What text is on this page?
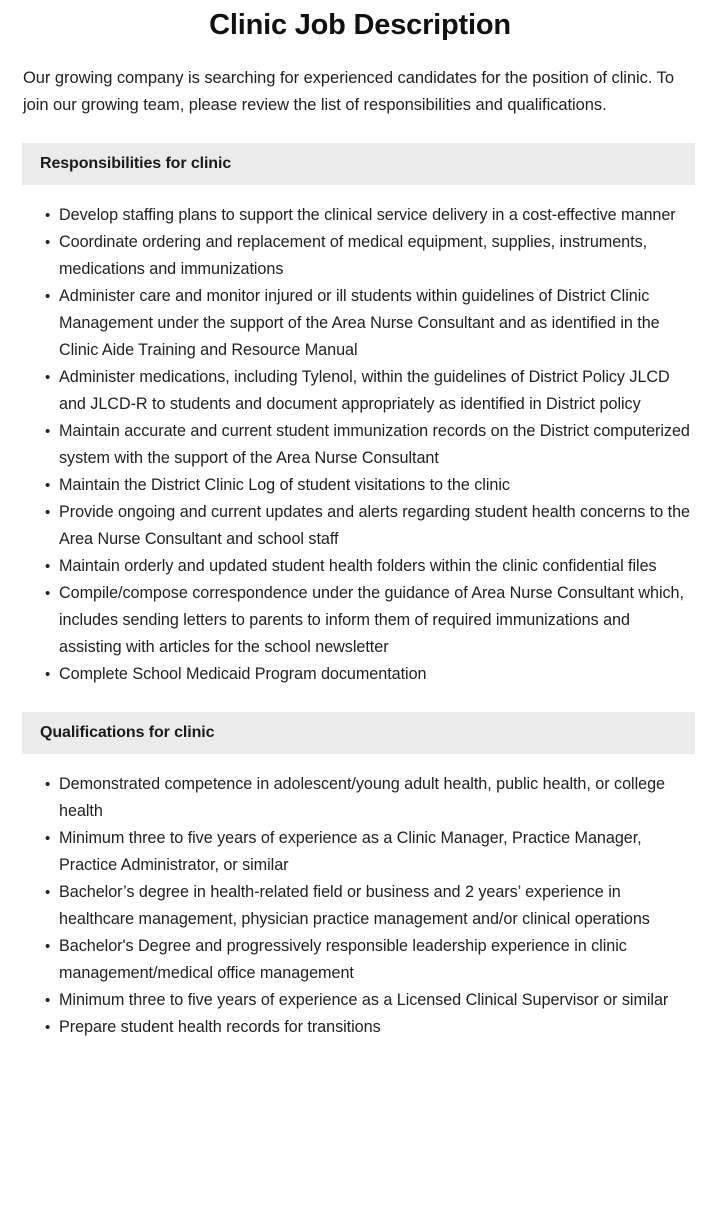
Clinic Job Description

Our growing company is searching for experienced candidates for the position of clinic. To join our growing team, please review the list of responsibilities and qualifications.

Responsibilities for clinic
• Develop staffing plans to support the clinical service delivery in a cost-effective manner
• Coordinate ordering and replacement of medical equipment, supplies, instruments, medications and immunizations
• Administer care and monitor injured or ill students within guidelines of District Clinic Management under the support of the Area Nurse Consultant and as identified in the Clinic Aide Training and Resource Manual
• Administer medications, including Tylenol, within the guidelines of District Policy JLCD and JLCD-R to students and document appropriately as identified in District policy
• Maintain accurate and current student immunization records on the District computerized system with the support of the Area Nurse Consultant
• Maintain the District Clinic Log of student visitations to the clinic
• Provide ongoing and current updates and alerts regarding student health concerns to the Area Nurse Consultant and school staff
• Maintain orderly and updated student health folders within the clinic confidential files
• Compile/compose correspondence under the guidance of Area Nurse Consultant which, includes sending letters to parents to inform them of required immunizations and assisting with articles for the school newsletter
• Complete School Medicaid Program documentation
Qualifications for clinic
• Demonstrated competence in adolescent/young adult health, public health, or college health
• Minimum three to five years of experience as a Clinic Manager, Practice Manager, Practice Administrator, or similar
• Bachelor’s degree in health-related field or business and 2 years’ experience in healthcare management, physician practice management and/or clinical operations
• Bachelor's Degree and progressively responsible leadership experience in clinic management/medical office management
• Minimum three to five years of experience as a Licensed Clinical Supervisor or similar
• Prepare student health records for transitions
